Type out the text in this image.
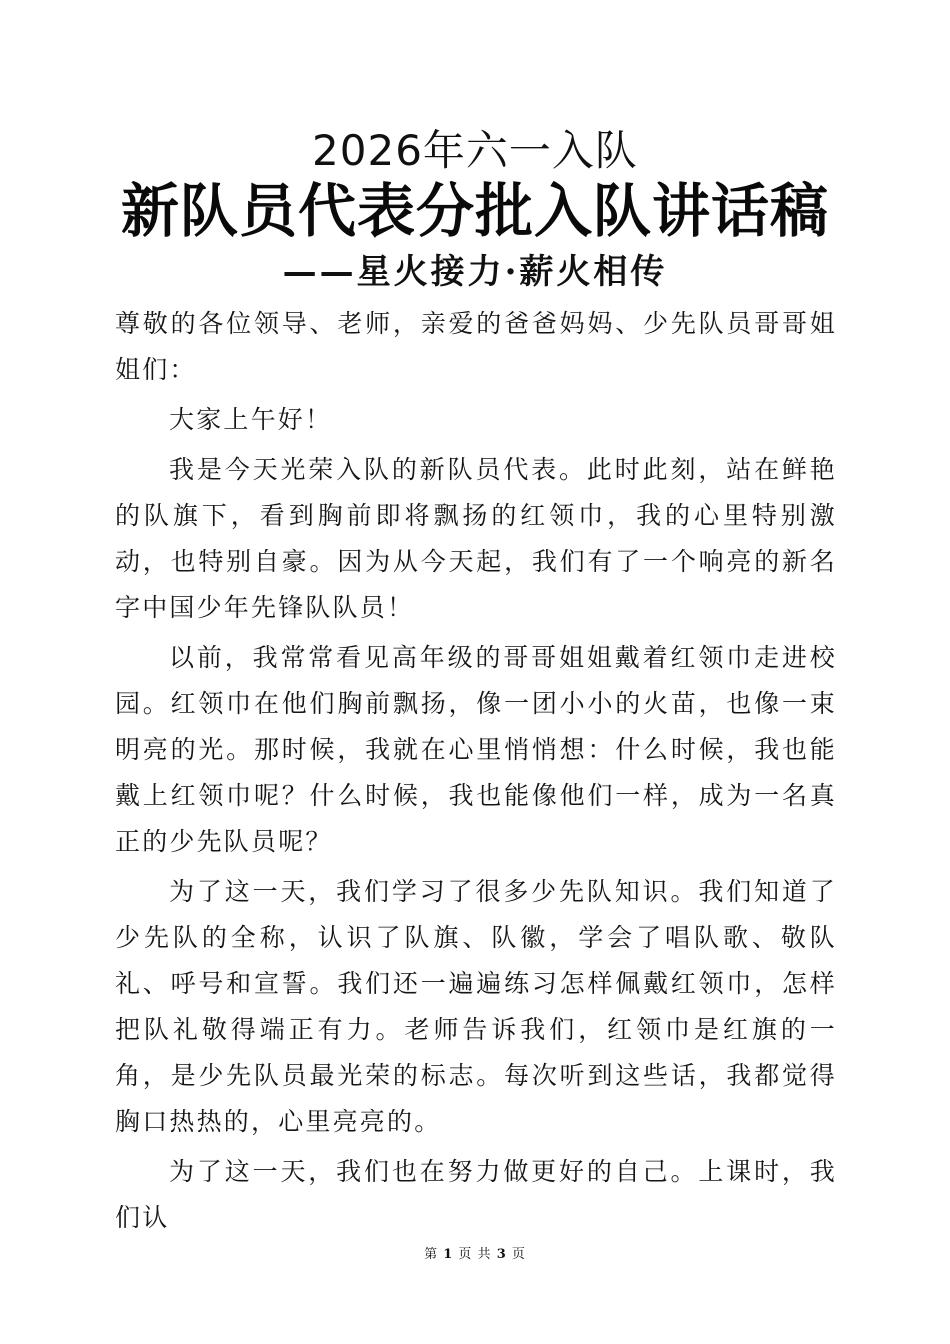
2026年六一入队
新队员代表分批入队讲话稿
——星火接力·薪火相传

尊敬的各位领导、老师，亲爱的爸爸妈妈、少先队员哥哥姐姐们：

大家上午好！

我是今天光荣入队的新队员代表。此时此刻，站在鲜艳的队旗下，看到胸前即将飘扬的红领巾，我的心里特别激动，也特别自豪。因为从今天起，我们有了一个响亮的新名字中国少年先锋队队员！

以前，我常常看见高年级的哥哥姐姐戴着红领巾走进校园。红领巾在他们胸前飘扬，像一团小小的火苗，也像一束明亮的光。那时候，我就在心里悄悄想：什么时候，我也能戴上红领巾呢？什么时候，我也能像他们一样，成为一名真正的少先队员呢？

为了这一天，我们学习了很多少先队知识。我们知道了少先队的全称，认识了队旗、队徽，学会了唱队歌、敬队礼、呼号和宣誓。我们还一遍遍练习怎样佩戴红领巾，怎样把队礼敬得端正有力。老师告诉我们，红领巾是红旗的一角，是少先队员最光荣的标志。每次听到这些话，我都觉得胸口热热的，心里亮亮的。

为了这一天，我们也在努力做更好的自己。上课时，我们认

第 1 页 共 3 页
